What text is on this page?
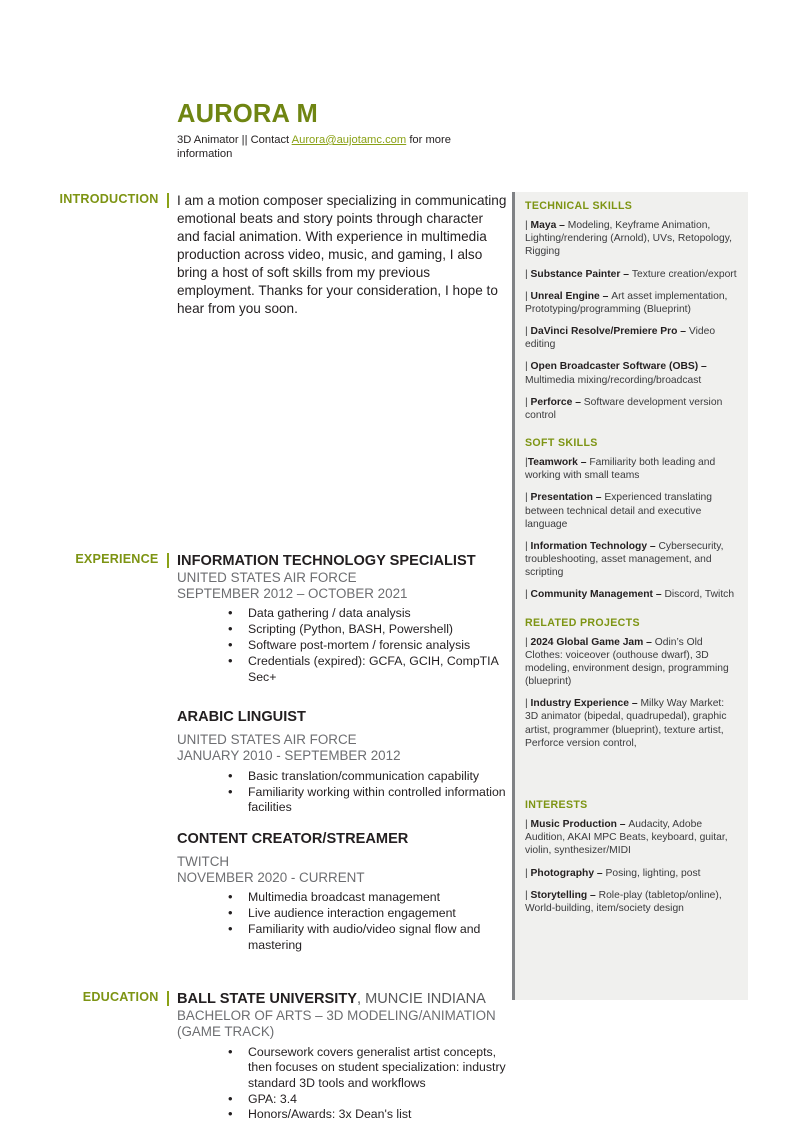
AURORA M
3D Animator || Contact Aurora@aujotamc.com for more information
INTRODUCTION	I am a motion composer specializing in communicating emotional beats and story points through character and facial animation. With experience in multimedia production across video, music, and gaming, I also bring a host of soft skills from my previous employment. Thanks for your consideration, I hope to hear from you soon.
EXPERIENCE	INFORMATION TECHNOLOGY SPECIALIST
UNITED STATES AIR FORCE
SEPTEMBER 2012 – OCTOBER 2021
• Data gathering / data analysis
• Scripting (Python, BASH, Powershell)
• Software post-mortem / forensic analysis
• Credentials (expired): GCFA, GCIH, CompTIA Sec+
ARABIC LINGUIST
UNITED STATES AIR FORCE
JANUARY 2010 - SEPTEMBER 2012
• Basic translation/communication capability
• Familiarity working within controlled information facilities
CONTENT CREATOR/STREAMER
TWITCH
NOVEMBER 2020 - CURRENT
• Multimedia broadcast management
• Live audience interaction engagement
• Familiarity with audio/video signal flow and mastering
EDUCATION	BALL STATE UNIVERSITY, MUNCIE INDIANA
BACHELOR OF ARTS – 3D MODELING/ANIMATION (GAME TRACK)
• Coursework covers generalist artist concepts, then focuses on student specialization: industry standard 3D tools and workflows
• GPA: 3.4
• Honors/Awards: 3x Dean's list
TECHNICAL SKILLS
| Maya – Modeling, Keyframe Animation, Lighting/rendering (Arnold), UVs, Retopology, Rigging
| Substance Painter – Texture creation/export
| Unreal Engine – Art asset implementation, Prototyping/programming (Blueprint)
| DaVinci Resolve/Premiere Pro – Video editing
| Open Broadcaster Software (OBS) – Multimedia mixing/recording/broadcast
| Perforce – Software development version control
SOFT SKILLS
|Teamwork – Familiarity both leading and working with small teams
| Presentation – Experienced translating between technical detail and executive language
| Information Technology – Cybersecurity, troubleshooting, asset management, and scripting
| Community Management – Discord, Twitch
RELATED PROJECTS
| 2024 Global Game Jam – Odin’s Old Clothes: voiceover (outhouse dwarf), 3D modeling, environment design, programming (blueprint)
| Industry Experience – Milky Way Market: 3D animator (bipedal, quadrupedal), graphic artist, programmer (blueprint), texture artist, Perforce version control,
INTERESTS
| Music Production – Audacity, Adobe Audition, AKAI MPC Beats, keyboard, guitar, violin, synthesizer/MIDI
| Photography – Posing, lighting, post
| Storytelling – Role-play (tabletop/online), World-building, item/society design
